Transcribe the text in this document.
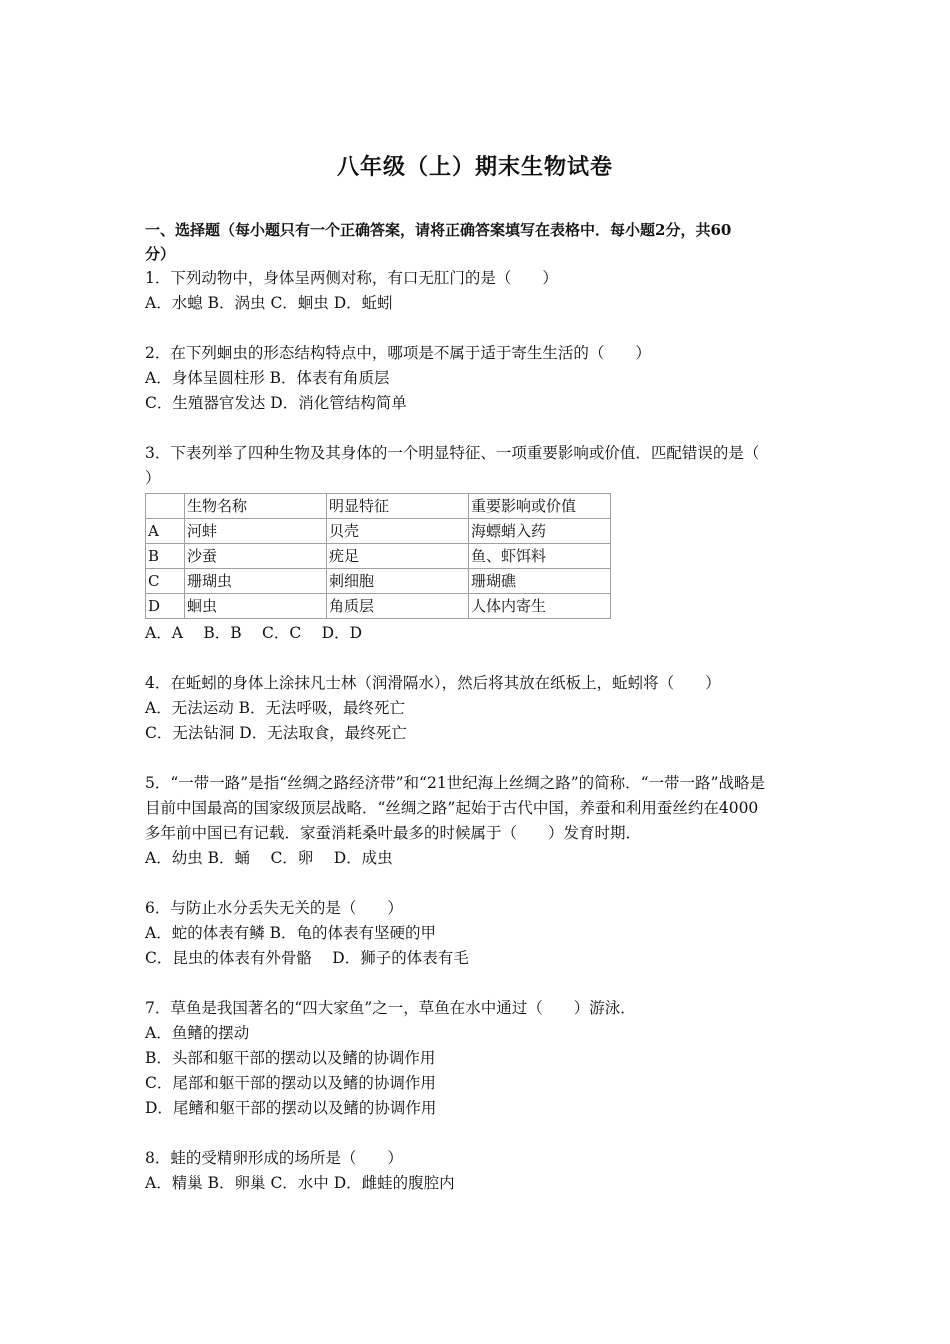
八年级（上）期末生物试卷
一、选择题（每小题只有一个正确答案，请将正确答案填写在表格中．每小题2分，共60
分）
1．下列动物中，身体呈两侧对称，有口无肛门的是（　　）
A．水螅 B．涡虫 C．蛔虫 D．蚯蚓
2．在下列蛔虫的形态结构特点中，哪项是不属于适于寄生生活的（　　）
A．身体呈圆柱形 B．体表有角质层
C．生殖器官发达 D．消化管结构简单
3．下表列举了四种生物及其身体的一个明显特征、一项重要影响或价值．匹配错误的是（
）
	生物名称	明显特征	重要影响或价值
A	河蚌	贝壳	海螵蛸入药
B	沙蚕	疣足	鱼、虾饵料
C	珊瑚虫	刺细胞	珊瑚礁
D	蛔虫	角质层	人体内寄生
A．A　 B．B　 C．C　 D．D
4．在蚯蚓的身体上涂抹凡士林（润滑隔水），然后将其放在纸板上，蚯蚓将（　　）
A．无法运动 B．无法呼吸，最终死亡
C．无法钻洞 D．无法取食，最终死亡
5．“一带一路”是指“丝绸之路经济带”和“21世纪海上丝绸之路”的简称．“一带一路”战略是
目前中国最高的国家级顶层战略．“丝绸之路”起始于古代中国，养蚕和利用蚕丝约在4000
多年前中国已有记载．家蚕消耗桑叶最多的时候属于（　　）发育时期．
A．幼虫 B．蛹　 C．卵　 D．成虫
6．与防止水分丢失无关的是（　　）
A．蛇的体表有鳞 B．龟的体表有坚硬的甲
C．昆虫的体表有外骨骼　 D．狮子的体表有毛
7．草鱼是我国著名的“四大家鱼”之一，草鱼在水中通过（　　）游泳．
A．鱼鳍的摆动
B．头部和躯干部的摆动以及鳍的协调作用
C．尾部和躯干部的摆动以及鳍的协调作用
D．尾鳍和躯干部的摆动以及鳍的协调作用
8．蛙的受精卵形成的场所是（　　）
A．精巢 B．卵巢 C．水中 D．雌蛙的腹腔内
